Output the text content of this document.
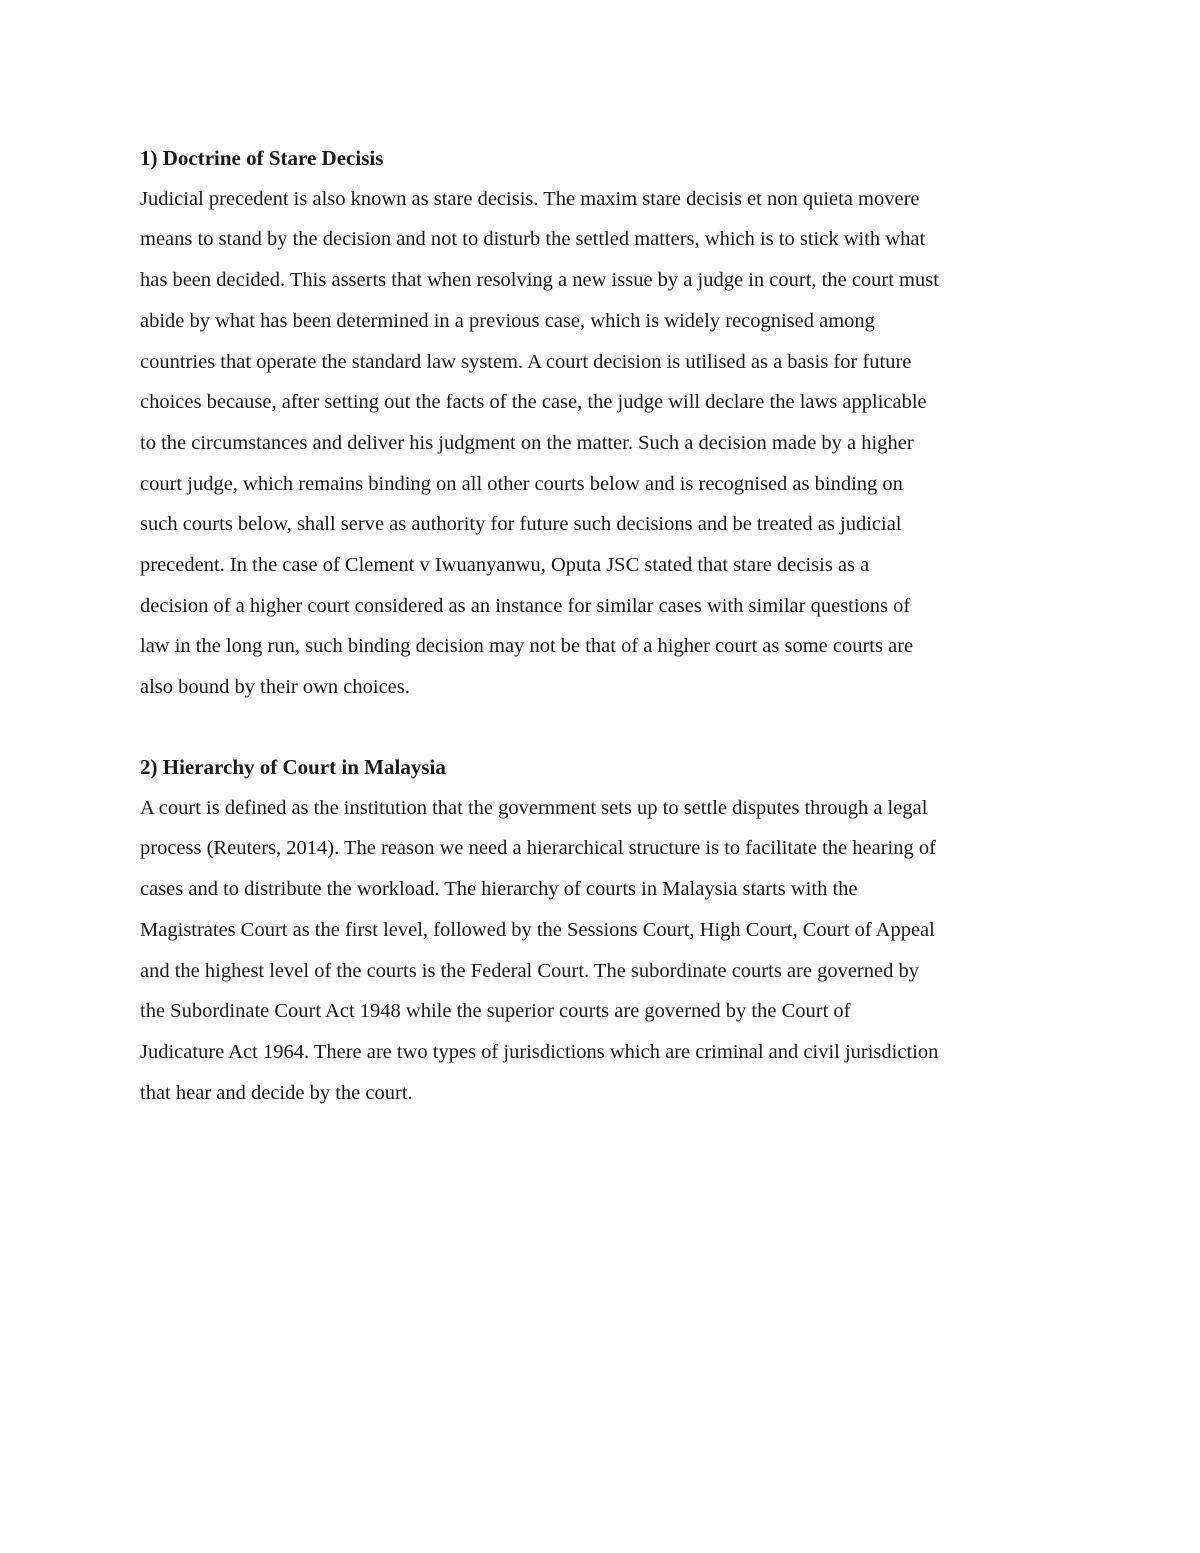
1) Doctrine of Stare Decisis

Judicial precedent is also known as stare decisis. The maxim stare decisis et non quieta movere
means to stand by the decision and not to disturb the settled matters, which is to stick with what
has been decided. This asserts that when resolving a new issue by a judge in court, the court must
abide by what has been determined in a previous case, which is widely recognised among
countries that operate the standard law system. A court decision is utilised as a basis for future
choices because, after setting out the facts of the case, the judge will declare the laws applicable
to the circumstances and deliver his judgment on the matter. Such a decision made by a higher
court judge, which remains binding on all other courts below and is recognised as binding on
such courts below, shall serve as authority for future such decisions and be treated as judicial
precedent. In the case of Clement v Iwuanyanwu, Oputa JSC stated that stare decisis as a
decision of a higher court considered as an instance for similar cases with similar questions of
law in the long run, such binding decision may not be that of a higher court as some courts are
also bound by their own choices.

2) Hierarchy of Court in Malaysia

A court is defined as the institution that the government sets up to settle disputes through a legal
process (Reuters, 2014). The reason we need a hierarchical structure is to facilitate the hearing of
cases and to distribute the workload. The hierarchy of courts in Malaysia starts with the
Magistrates Court as the first level, followed by the Sessions Court, High Court, Court of Appeal
and the highest level of the courts is the Federal Court. The subordinate courts are governed by
the Subordinate Court Act 1948 while the superior courts are governed by the Court of
Judicature Act 1964. There are two types of jurisdictions which are criminal and civil jurisdiction
that hear and decide by the court.
